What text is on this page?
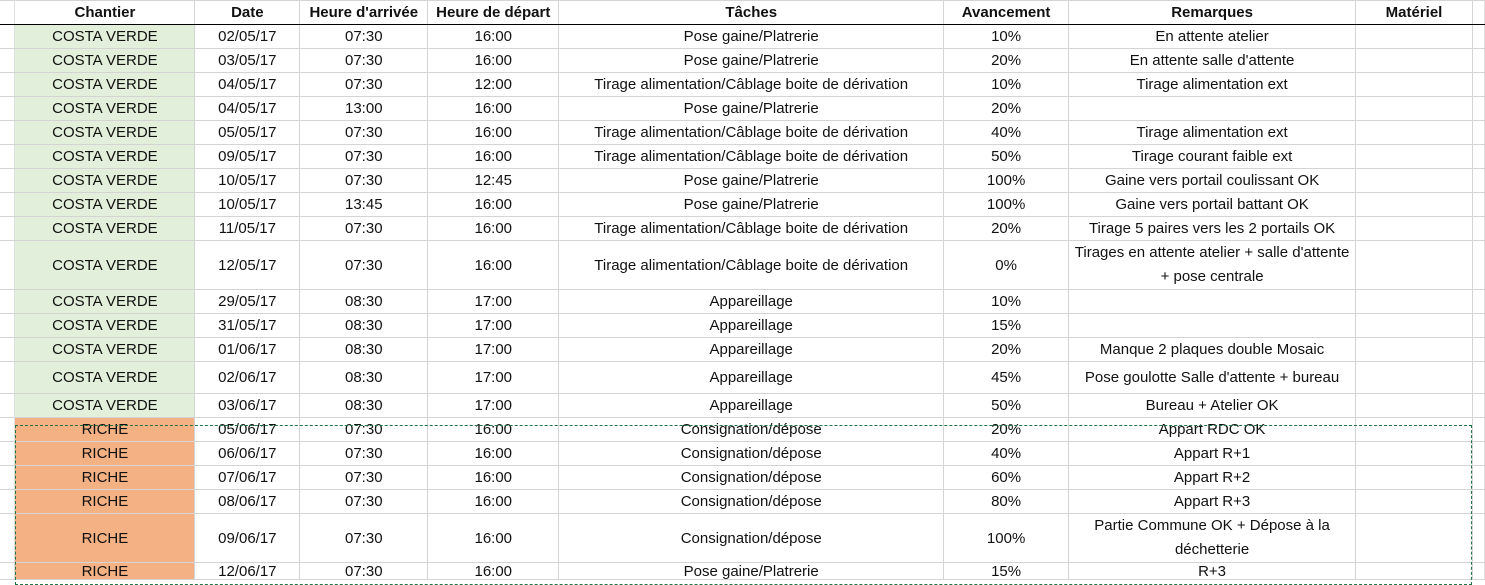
	Chantier	Date	Heure d'arrivée	Heure de départ	Tâches	Avancement	Remarques	Matériel	
	COSTA VERDE	02/05/17	07:30	16:00	Pose gaine/Platrerie	10%	En attente atelier		
	COSTA VERDE	03/05/17	07:30	16:00	Pose gaine/Platrerie	20%	En attente salle d'attente		
	COSTA VERDE	04/05/17	07:30	12:00	Tirage alimentation/Câblage boite de dérivation	10%	Tirage alimentation ext		
	COSTA VERDE	04/05/17	13:00	16:00	Pose gaine/Platrerie	20%			
	COSTA VERDE	05/05/17	07:30	16:00	Tirage alimentation/Câblage boite de dérivation	40%	Tirage alimentation ext		
	COSTA VERDE	09/05/17	07:30	16:00	Tirage alimentation/Câblage boite de dérivation	50%	Tirage courant faible ext		
	COSTA VERDE	10/05/17	07:30	12:45	Pose gaine/Platrerie	100%	Gaine vers portail coulissant OK		
	COSTA VERDE	10/05/17	13:45	16:00	Pose gaine/Platrerie	100%	Gaine vers portail battant OK		
	COSTA VERDE	11/05/17	07:30	16:00	Tirage alimentation/Câblage boite de dérivation	20%	Tirage 5 paires vers les 2 portails OK		
	COSTA VERDE	12/05/17	07:30	16:00	Tirage alimentation/Câblage boite de dérivation	0%	Tirages en attente atelier + salle d'attente + pose centrale		
	COSTA VERDE	29/05/17	08:30	17:00	Appareillage	10%			
	COSTA VERDE	31/05/17	08:30	17:00	Appareillage	15%			
	COSTA VERDE	01/06/17	08:30	17:00	Appareillage	20%	Manque 2 plaques double Mosaic		
	COSTA VERDE	02/06/17	08:30	17:00	Appareillage	45%	Pose goulotte Salle d'attente + bureau		
	COSTA VERDE	03/06/17	08:30	17:00	Appareillage	50%	Bureau + Atelier OK		
	RICHE	05/06/17	07:30	16:00	Consignation/dépose	20%	Appart RDC OK		
	RICHE	06/06/17	07:30	16:00	Consignation/dépose	40%	Appart R+1		
	RICHE	07/06/17	07:30	16:00	Consignation/dépose	60%	Appart R+2		
	RICHE	08/06/17	07:30	16:00	Consignation/dépose	80%	Appart R+3		
	RICHE	09/06/17	07:30	16:00	Consignation/dépose	100%	Partie Commune OK + Dépose à la déchetterie		
	RICHE	12/06/17	07:30	16:00	Pose gaine/Platrerie	15%	R+3		
